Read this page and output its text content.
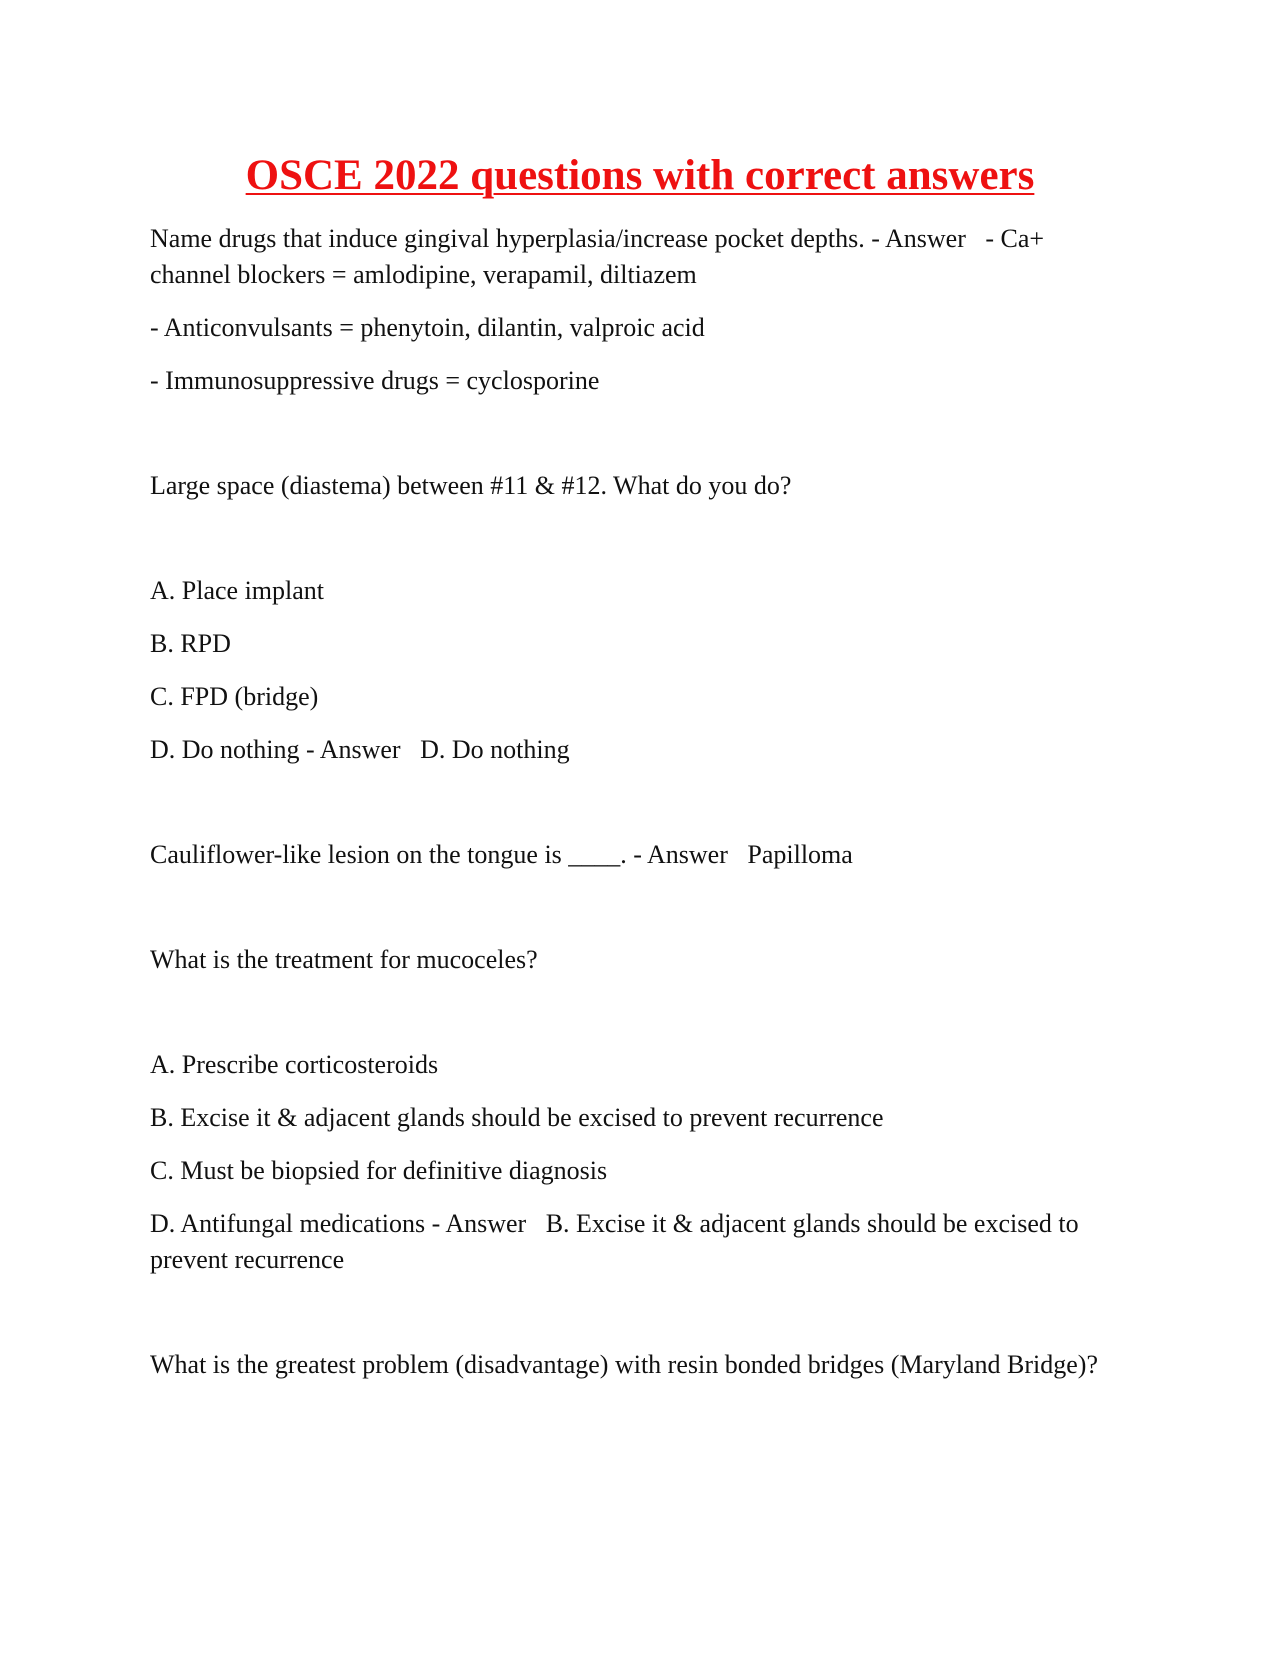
OSCE 2022 questions with correct answers

Name drugs that induce gingival hyperplasia/increase pocket depths. - Answer   - Ca+ channel blockers = amlodipine, verapamil, diltiazem

- Anticonvulsants = phenytoin, dilantin, valproic acid

- Immunosuppressive drugs = cyclosporine

Large space (diastema) between #11 & #12. What do you do?

A. Place implant

B. RPD

C. FPD (bridge)

D. Do nothing - Answer   D. Do nothing

Cauliflower-like lesion on the tongue is ____. - Answer   Papilloma

What is the treatment for mucoceles?

A. Prescribe corticosteroids

B. Excise it & adjacent glands should be excised to prevent recurrence

C. Must be biopsied for definitive diagnosis

D. Antifungal medications - Answer   B. Excise it & adjacent glands should be excised to prevent recurrence

What is the greatest problem (disadvantage) with resin bonded bridges (Maryland Bridge)?
